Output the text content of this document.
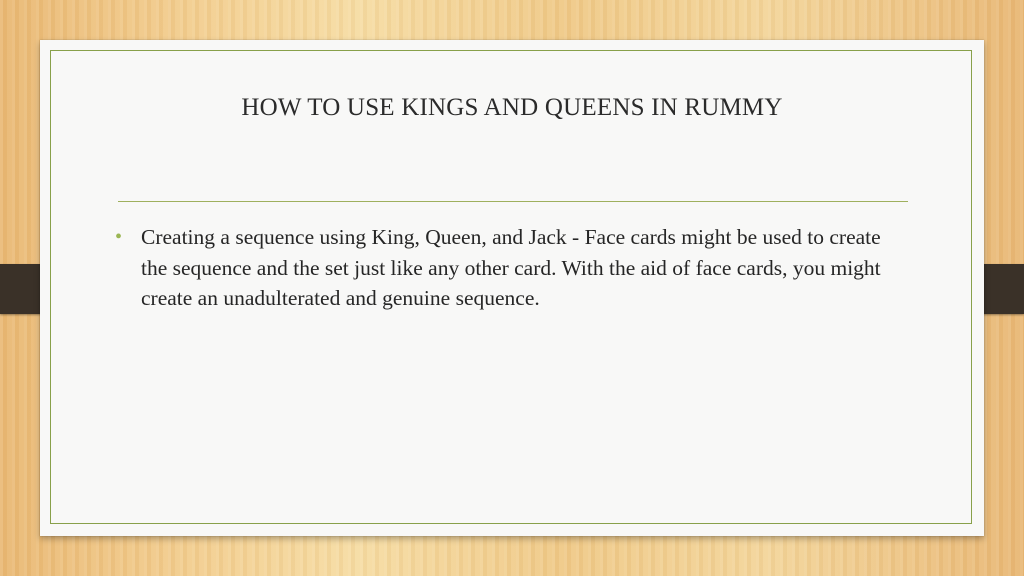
HOW TO USE KINGS AND QUEENS IN RUMMY
• Creating a sequence using King, Queen, and Jack - Face cards might be used to create the sequence and the set just like any other card. With the aid of face cards, you might create an unadulterated and genuine sequence.
